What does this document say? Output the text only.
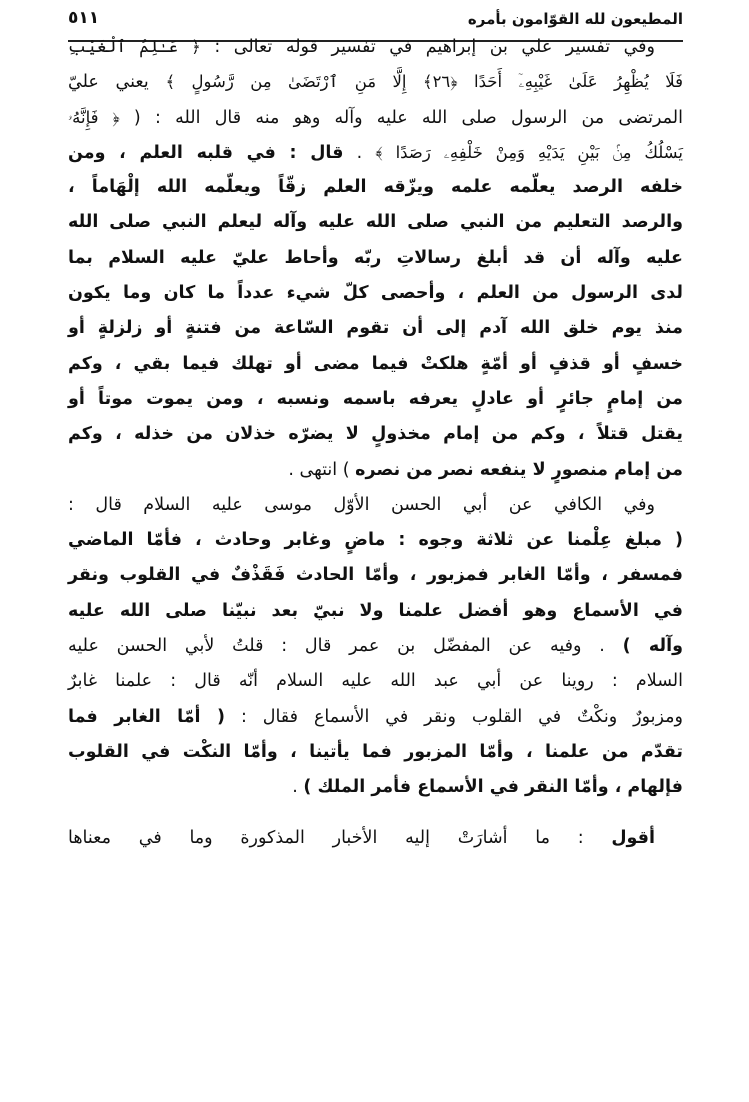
المطيعون لله القوّامون بأمره
٥١١
وفي تفسير علي بن إبراهيم في تفسير قوله تعالى : ﴿ عَـٰلِمُ ٱلْغَيْبِ
فَلَا يُظْهِرُ عَلَىٰ غَيْبِهِۦٓ أَحَدًا ﴿٢٦﴾ إِلَّا مَنِ ٱرْتَضَىٰ مِن رَّسُولٍ ﴾ يعني عليّ
المرتضى من الرسول صلى الله عليه وآله وهو منه قال الله : ( ﴿ فَإِنَّهُۥ
يَسْلُكُ مِنۢ بَيْنِ يَدَيْهِ وَمِنْ خَلْفِهِۦ رَصَدًا ﴾ . قال : في قلبه العلم ، ومن
خلفه الرصد يعلّمه علمه ويزّقه العلم زقّاً ويعلّمه الله إلْهَاماً ،
والرصد التعليم من النبي صلى الله عليه وآله ليعلم النبي صلى الله
عليه وآله أن قد أبلغ رسالاتِ ربّه وأحاط عليّ عليه السلام بما
لدى الرسول من العلم ، وأحصى كلّ شيء عدداً ما كان وما يكون
منذ يوم خلق الله آدم إلى أن تقوم السّاعة من فتنةٍ أو زلزلةٍ أو
خسفٍ أو قذفٍ أو أمّةٍ هلكتْ فيما مضى أو تهلك فيما بقي ، وكم
من إمامٍ جائرٍ أو عادلٍ يعرفه باسمه ونسبه ، ومن يموت موتاً أو
يقتل قتلاً ، وكم من إمام مخذولٍ لا يضرّه خذلان من خذله ، وكم
من إمام منصورٍ لا ينفعه نصر من نصره ) انتهى .
وفي الكافي عن أبي الحسن الأوّل موسى عليه السلام قال :
( مبلغ عِلْمنا عن ثلاثة وجوه : ماضٍ وغابر وحادث ، فأمّا الماضي
فمسفر ، وأمّا الغابر فمزبور ، وأمّا الحادث فَقَذْفٌ في القلوب ونقر
في الأسماع وهو أفضل علمنا ولا نبيّ بعد نبيّنا صلى الله عليه
وآله ) . وفيه عن المفضّل بن عمر قال : قلتُ لأبي الحسن عليه
السلام : روينا عن أبي عبد الله عليه السلام أنّه قال : علمنا غابرٌ
ومزبورٌ ونكْتٌ في القلوب ونقر في الأسماع فقال : ( أمّا الغابر فما
تقدّم من علمنا ، وأمّا المزبور فما يأتينا ، وأمّا النكْت في القلوب
فإلهام ، وأمّا النقر في الأسماع فأمر الملك ) .
أقول : ما أشارَتْ إليه الأخبار المذكورة وما في معناها
